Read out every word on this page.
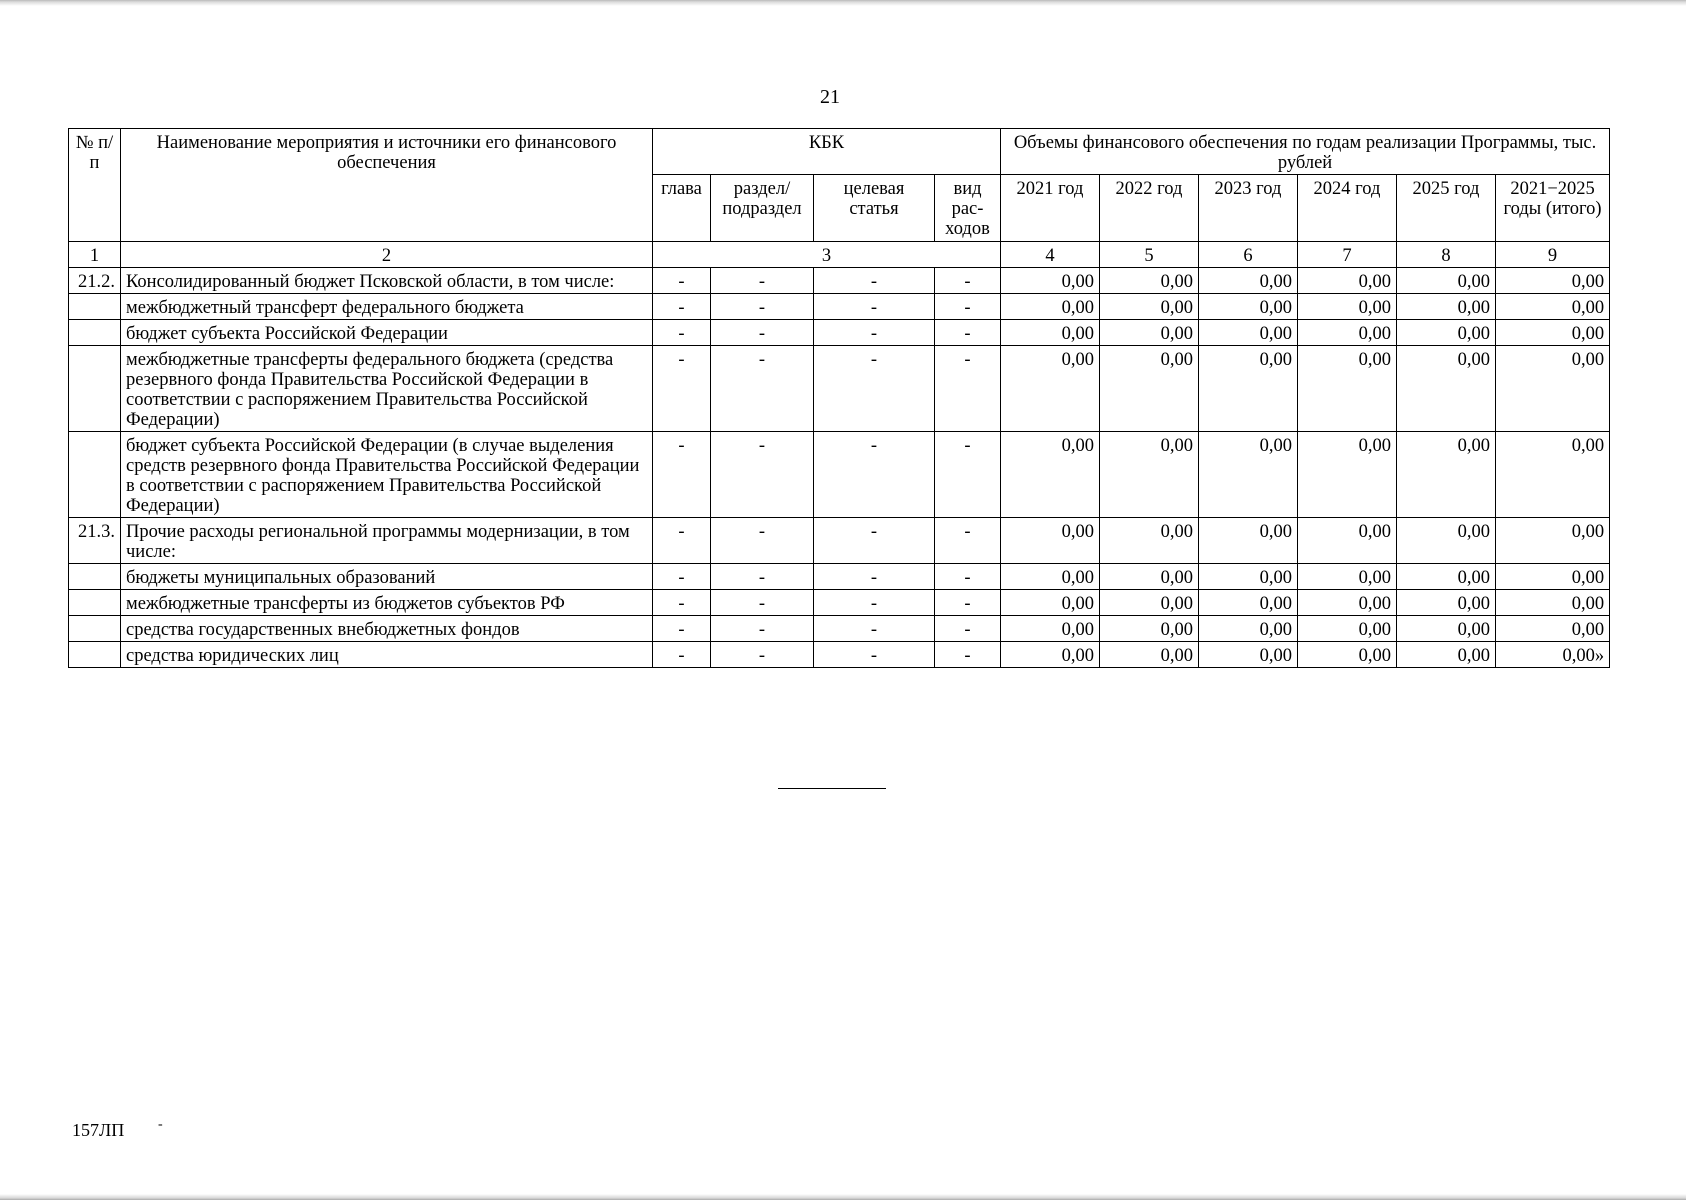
21
№ п/п	Наименование мероприятия и источники его финансового обеспечения	КБК				Объемы финансового обеспечения по годам реализации Программы, тыс. рублей					
		глава	раздел/ подраздел	целевая статья	вид рас-ходов	2021 год	2022 год	2023 год	2024 год	2025 год	2021−2025 годы (итого)
1	2	3				4	5	6	7	8	9
21.2.	Консолидированный бюджет Псковской области, в том числе:	-	-	-	-	0,00	0,00	0,00	0,00	0,00	0,00
	межбюджетный трансферт федерального бюджета	-	-	-	-	0,00	0,00	0,00	0,00	0,00	0,00
	бюджет субъекта Российской Федерации	-	-	-	-	0,00	0,00	0,00	0,00	0,00	0,00
	межбюджетные трансферты федерального бюджета (средства резервного фонда Правительства Российской Федерации в соответствии с распоряжением Правительства Российской Федерации)	-	-	-	-	0,00	0,00	0,00	0,00	0,00	0,00
	бюджет субъекта Российской Федерации (в случае выделения средств резервного фонда Правительства Российской Федерации в соответствии с распоряжением Правительства Российской Федерации)	-	-	-	-	0,00	0,00	0,00	0,00	0,00	0,00
21.3.	Прочие расходы региональной программы модернизации, в том числе:	-	-	-	-	0,00	0,00	0,00	0,00	0,00	0,00
	бюджеты муниципальных образований	-	-	-	-	0,00	0,00	0,00	0,00	0,00	0,00
	межбюджетные трансферты из бюджетов субъектов РФ	-	-	-	-	0,00	0,00	0,00	0,00	0,00	0,00
	средства государственных внебюджетных фондов	-	-	-	-	0,00	0,00	0,00	0,00	0,00	0,00
	средства юридических лиц	-	-	-	-	0,00	0,00	0,00	0,00	0,00	0,00»
157ЛП -
